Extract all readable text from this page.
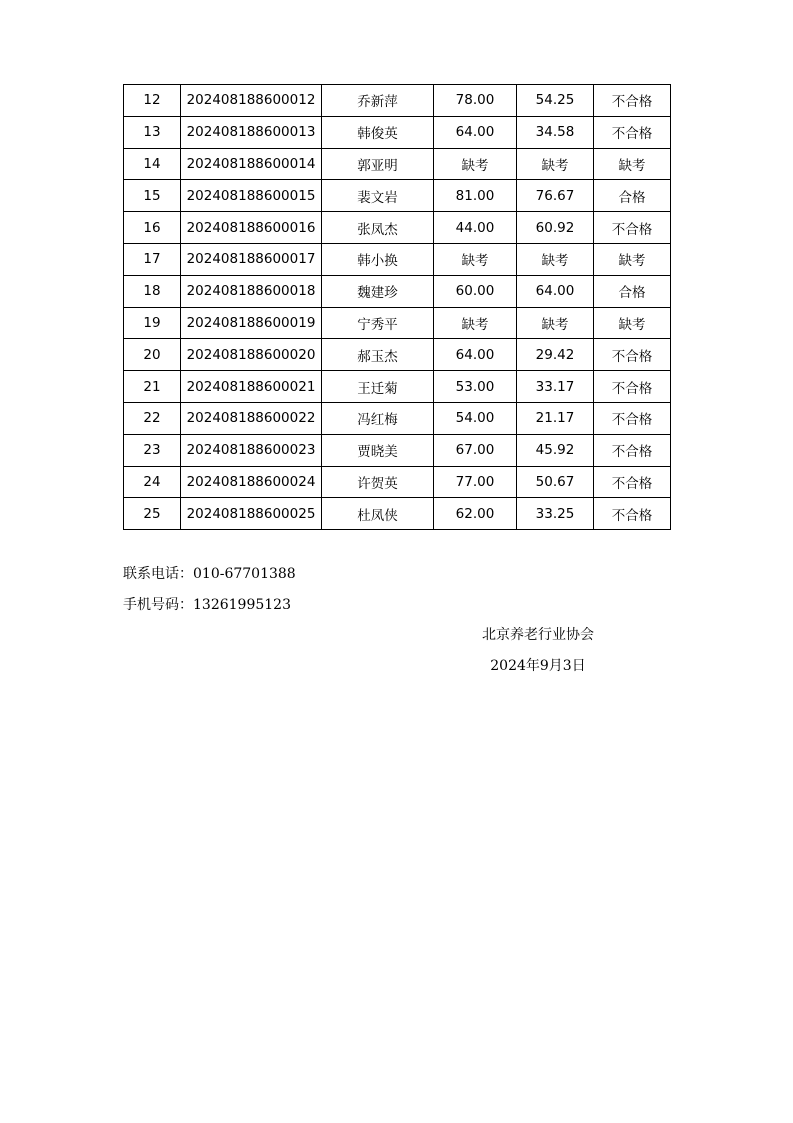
12	202408188600012	乔新萍	78.00	54.25	不合格
13	202408188600013	韩俊英	64.00	34.58	不合格
14	202408188600014	郭亚明	缺考	缺考	缺考
15	202408188600015	裴文岩	81.00	76.67	合格
16	202408188600016	张凤杰	44.00	60.92	不合格
17	202408188600017	韩小换	缺考	缺考	缺考
18	202408188600018	魏建珍	60.00	64.00	合格
19	202408188600019	宁秀平	缺考	缺考	缺考
20	202408188600020	郝玉杰	64.00	29.42	不合格
21	202408188600021	王迁菊	53.00	33.17	不合格
22	202408188600022	冯红梅	54.00	21.17	不合格
23	202408188600023	贾晓美	67.00	45.92	不合格
24	202408188600024	许贺英	77.00	50.67	不合格
25	202408188600025	杜凤侠	62.00	33.25	不合格
联系电话：010-67701388
手机号码：13261995123
北京养老行业协会
2024年9月3日
